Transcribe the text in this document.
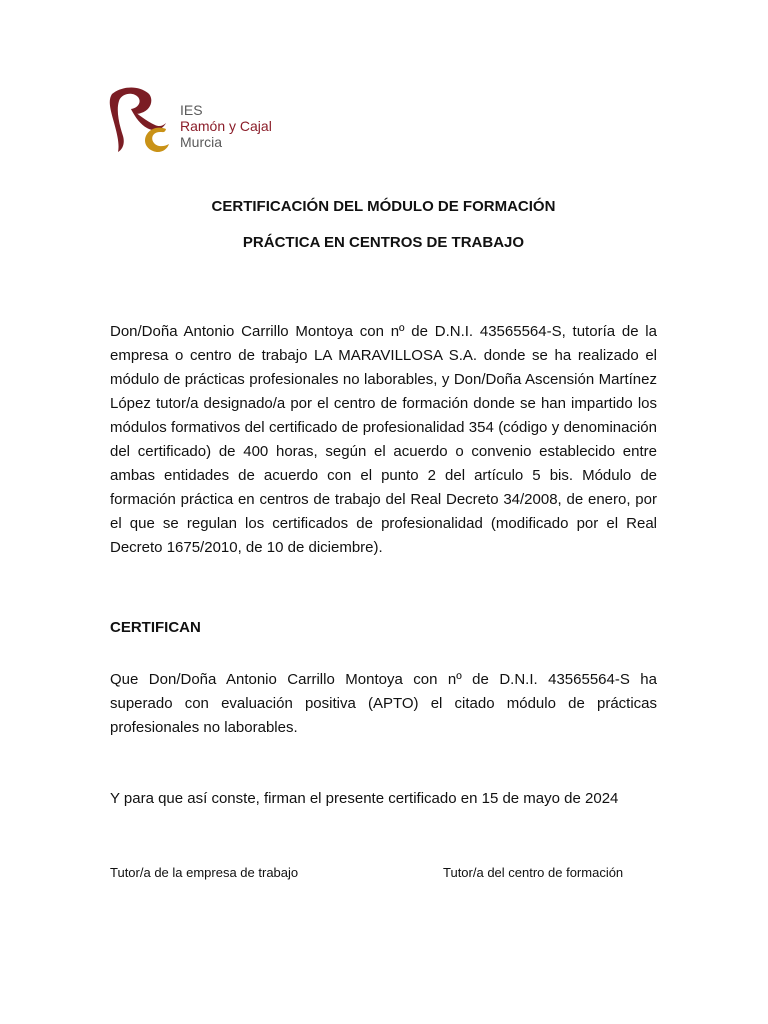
IES
Ramón y Cajal
Murcia
CERTIFICACIÓN DEL MÓDULO DE FORMACIÓN
PRÁCTICA EN CENTROS DE TRABAJO

Don/Doña Antonio Carrillo Montoya con nº de D.N.I. 43565564-S, tutoría de la empresa o centro de trabajo LA MARAVILLOSA S.A. donde se ha realizado el módulo de prácticas profesionales no laborables, y Don/Doña Ascensión Martínez López tutor/a designado/a por el centro de formación donde se han impartido los módulos formativos del certificado de profesionalidad 354 (código y denominación del certificado) de 400 horas, según el acuerdo o convenio establecido entre ambas entidades de acuerdo con el punto 2 del artículo 5 bis. Módulo de formación práctica en centros de trabajo del Real Decreto 34/2008, de enero, por el que se regulan los certificados de profesionalidad (modificado por el Real Decreto 1675/2010, de 10 de diciembre).

CERTIFICAN

Que Don/Doña Antonio Carrillo Montoya con nº de D.N.I. 43565564-S ha superado con evaluación positiva (APTO) el citado módulo de prácticas profesionales no laborables.

Y para que así conste, firman el presente certificado en 15 de mayo de 2024

Tutor/a de la empresa de trabajo	Tutor/a del centro de formación
